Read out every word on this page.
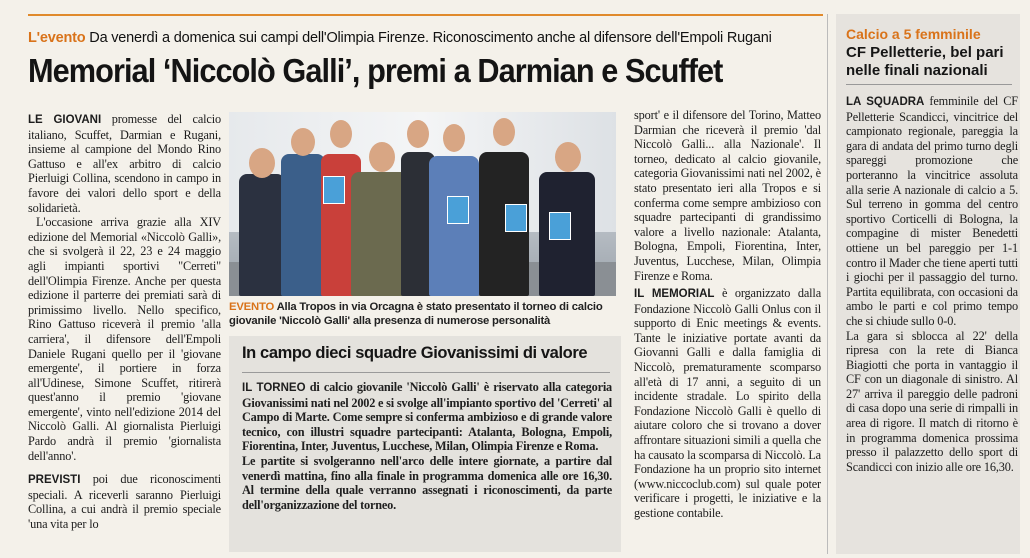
L'evento Da venerdì a domenica sui campi dell'Olimpia Firenze. Riconoscimento anche al difensore dell'Empoli Rugani
Memorial ‘Niccolò Galli’, premi a Darmian e Scuffet

LE GIOVANI promesse del calcio italiano, Scuffet, Darmian e Rugani, insieme al campione del Mondo Rino Gattuso e all'ex arbitro di calcio Pierluigi Collina, scendono in campo in favore dei valori dello sport e della solidarietà.

L'occasione arriva grazie alla XIV edizione del Memorial «Niccolò Galli», che si svolgerà il 22, 23 e 24 maggio agli impianti sportivi "Cerreti" dell'Olimpia Firenze. Anche per questa edizione il parterre dei premiati sarà di primissimo livello. Nello specifico, Rino Gattuso riceverà il premio 'alla carriera', il difensore dell'Empoli Daniele Rugani quello per il 'giovane emergente', il portiere in forza all'Udinese, Simone Scuffet, ritirerà quest'anno il premio 'giovane emergente', vinto nell'edizione 2014 del Niccolò Galli. Al giornalista Pierluigi Pardo andrà il premio 'giornalista dell'anno'.

PREVISTI poi due riconoscimenti speciali. A riceverli saranno Pierluigi Collina, a cui andrà il premio speciale 'una vita per lo

EVENTO Alla Tropos in via Orcagna è stato presentato il torneo di calcio giovanile 'Niccolò Galli' alla presenza di numerose personalità
In campo dieci squadre Giovanissimi di valore

IL TORNEO di calcio giovanile 'Niccolò Galli' è riservato alla categoria Giovanissimi nati nel 2002 e si svolge all'impianto sportivo del 'Cerreti' al Campo di Marte. Come sempre si conferma ambizioso e di grande valore tecnico, con illustri squadre partecipanti: Atalanta, Bologna, Empoli, Fiorentina, Inter, Juventus, Lucchese, Milan, Olimpia Firenze e Roma.

Le partite si svolgeranno nell'arco delle intere giornate, a partire dal venerdì mattina, fino alla finale in programma domenica alle ore 16,30. Al termine della quale verranno assegnati i riconoscimenti, da parte dell'organizzazione del torneo.

sport' e il difensore del Torino, Matteo Darmian che riceverà il premio 'dal Niccolò Galli... alla Nazionale'. Il torneo, dedicato al calcio giovanile, categoria Giovanissimi nati nel 2002, è stato presentato ieri alla Tropos e si conferma come sempre ambizioso con squadre partecipanti di grandissimo valore a livello nazionale: Atalanta, Bologna, Empoli, Fiorentina, Inter, Juventus, Lucchese, Milan, Olimpia Firenze e Roma.

IL MEMORIAL è organizzato dalla Fondazione Niccolò Galli Onlus con il supporto di Enic meetings & events. Tante le iniziative portate avanti da Giovanni Galli e dalla famiglia di Niccolò, prematuramente scomparso all'età di 17 anni, a seguito di un incidente stradale. Lo spirito della Fondazione Niccolò Galli è quello di aiutare coloro che si trovano a dover affrontare situazioni simili a quella che ha causato la scomparsa di Niccolò. La Fondazione ha un proprio sito internet (www.niccoclub.com) sul quale poter verificare i progetti, le iniziative e la gestione contabile.

Calcio a 5 femminile
CF Pelletterie, bel pari nelle finali nazionali

LA SQUADRA femminile del CF Pelletterie Scandicci, vincitrice del campionato regionale, pareggia la gara di andata del primo turno degli spareggi promozione che porteranno la vincitrice assoluta alla serie A nazionale di calcio a 5. Sul terreno in gomma del centro sportivo Corticelli di Bologna, la compagine di mister Benedetti ottiene un bel pareggio per 1-1 contro il Mader che tiene aperti tutti i giochi per il passaggio del turno. Partita equilibrata, con occasioni da ambo le parti e col primo tempo che si chiude sullo 0-0.

La gara si sblocca al 22' della ripresa con la rete di Bianca Biagiotti che porta in vantaggio il CF con un diagonale di sinistro. Al 27' arriva il pareggio delle padroni di casa dopo una serie di rimpalli in area di rigore. Il match di ritorno è in programma domenica prossima presso il palazzetto dello sport di Scandicci con inizio alle ore 16,30.
